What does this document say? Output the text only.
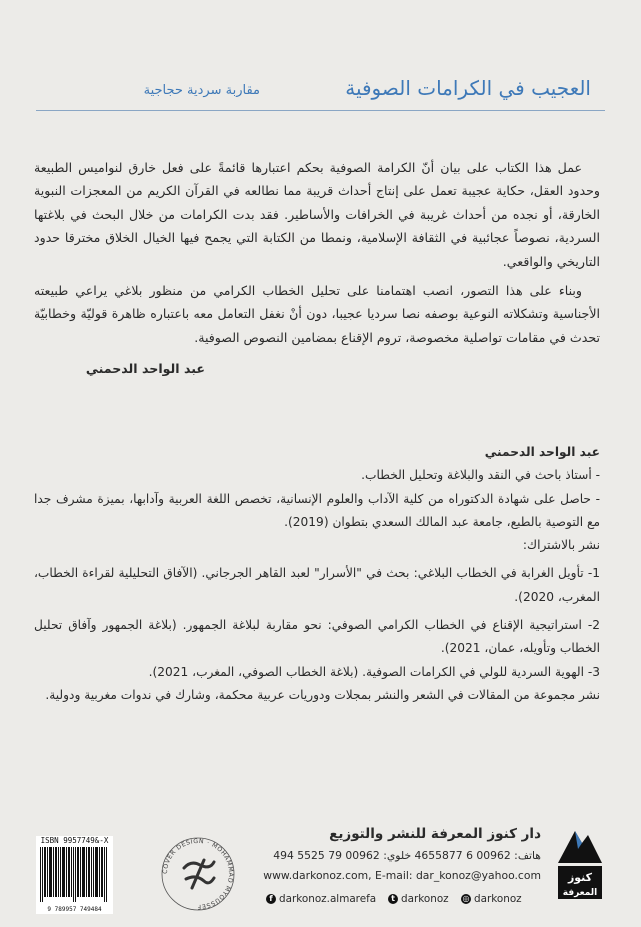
العجيب في الكرامات الصوفية
مقاربة سردية حجاجية

عمل هذا الكتاب على بيان أنّ الكرامة الصوفية بحكم اعتبارها قائمةً على فعل خارق لنواميس الطبيعة وحدود العقل، حكاية عجيبة تعمل على إنتاج أحداث قريبة مما نطالعه في القرآن الكريم من المعجزات النبوية الخارقة، أو نجده من أحداث غريبة في الخرافات والأساطير. فقد بدت الكرامات من خلال البحث في بلاغتها السردية، نصوصاً عجائبية في الثقافة الإسلامية، ونمطا من الكتابة التي يجمح فيها الخيال الخلاق مخترقا حدود التاريخي والواقعي.

وبناء على هذا التصور، انصب اهتمامنا على تحليل الخطاب الكرامي من منظور بلاغي يراعي طبيعته الأجناسية وتشكلاته النوعية بوصفه نصا سرديا عجيبا، دون أنْ نغفل التعامل معه باعتباره ظاهرة قوليّة وخطابيّة تحدث في مقامات تواصلية مخصوصة، تروم الإقناع بمضامين النصوص الصوفية.

عبد الواحد الدحمني
عبد الواحد الدحمني
- أستاذ باحث في النقد والبلاغة وتحليل الخطاب.
- حاصل على شهادة الدكتوراه من كلية الآداب والعلوم الإنسانية، تخصص اللغة العربية وآدابها، بميزة مشرف جدا مع التوصية بالطبع، جامعة عبد المالك السعدي بتطوان (2019).
نشر بالاشتراك:
1- تأويل الغرابة في الخطاب البلاغي: بحث في "الأسرار" لعبد القاهر الجرجاني. (الآفاق التحليلية لقراءة الخطاب، المغرب، 2020).
2- استراتيجية الإقناع في الخطاب الكرامي الصوفي: نحو مقاربة لبلاغة الجمهور. (بلاغة الجمهور وآفاق تحليل الخطاب وتأويله، عمان، 2021).
3- الهوية السردية للولي في الكرامات الصوفية. (بلاغة الخطاب الصوفي، المغرب، 2021).
نشر مجموعة من المقالات في الشعر والنشر بمجلات ودوريات عربية محكمة، وشارك في ندوات مغربية ودولية.
ISBN 9957749&-X
9 789957 749484
COVER DESIGN · MOHAMMAD MYOUSSEF
دار كنوز المعرفة للنشر والتوزيع
هاتف: 00962 6 4655877 خلوي: 00962 79 5525 494
www.darkonoz.com, E-mail: dar_konoz@yahoo.com
f darkonoz.almarefa	t darkonoz ◎ darkonoz
كنوز
المعرفة
